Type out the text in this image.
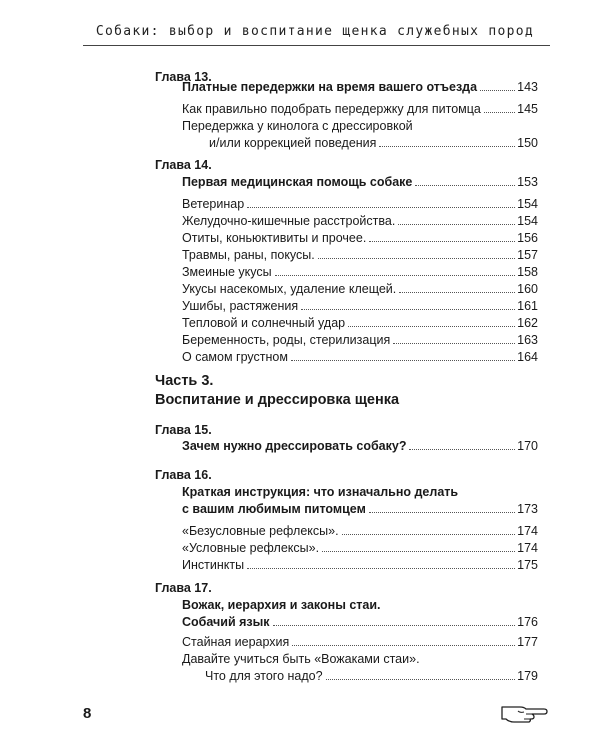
Собаки: выбор и воспитание щенка служебных пород
Глава 13.
Платные передержки на время вашего отъезда	143
Как правильно подобрать передержку для питомца	145
Передержка у кинолога с дрессировкой
и/или коррекцией поведения	150
Глава 14.
Первая медицинская помощь собаке	153
Ветеринар	154
Желудочно-кишечные расстройства.	154
Отиты, коньюктивиты и прочее.	156
Травмы, раны, покусы.	157
Змеиные укусы	158
Укусы насекомых, удаление клещей.	160
Ушибы, растяжения	161
Тепловой и солнечный удар	162
Беременность, роды, стерилизация	163
О самом грустном	164
Часть 3.
Воспитание и дрессировка щенка
Глава 15.
Зачем нужно дрессировать собаку?	170
Глава 16.
Краткая инструкция: что изначально делать
с вашим любимым питомцем	173
«Безусловные рефлексы».	174
«Условные рефлексы».	174
Инстинкты	175
Глава 17.
Вожак, иерархия и законы стаи.
Собачий язык	176
Стайная иерархия	177
Давайте учиться быть «Вожаками стаи».
Что для этого надо?	179
8
